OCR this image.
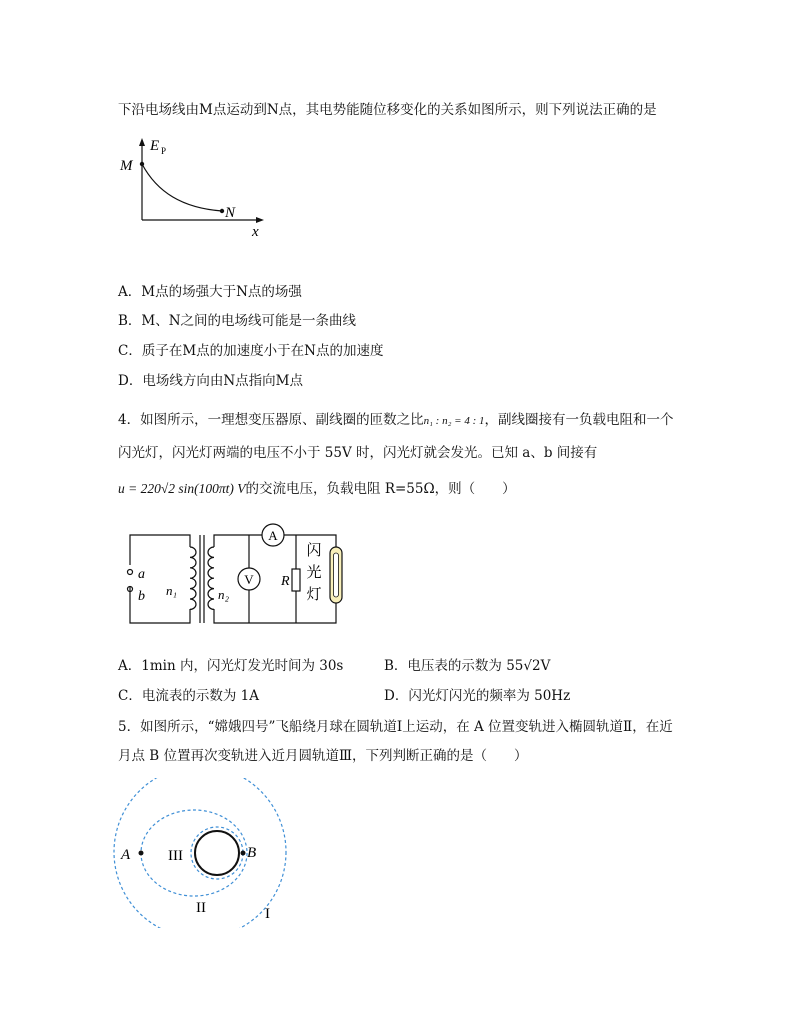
下沿电场线由M点运动到N点，其电势能随位移变化的关系如图所示，则下列说法正确的是
E P
M
N
x
A．M点的场强大于N点的场强
B．M、N之间的电场线可能是一条曲线
C．质子在M点的加速度小于在N点的加速度
D．电场线方向由N点指向M点
4．如图所示，一理想变压器原、副线圈的匝数之比n₁ : n₂ = 4 : 1，副线圈接有一负载电阻和一个
闪光灯，闪光灯两端的电压不小于 55V 时，闪光灯就会发光。已知 a、b 间接有
u = 220√2 sin(100πt) V的交流电压，负载电阻 R=55Ω，则（　　）
a
b n₁	n₂
A
V R
闪
光
灯
A．1min 内，闪光灯发光时间为 30s	B．电压表的示数为 55√2V
C．电流表的示数为 1A	D．闪光灯闪光的频率为 50Hz
5．如图所示，“嫦娥四号”飞船绕月球在圆轨道Ⅰ上运动，在 A 位置变轨进入椭圆轨道Ⅱ，在近
月点 B 位置再次变轨进入近月圆轨道Ⅲ，下列判断正确的是（　　）
A	B
III
II	I
